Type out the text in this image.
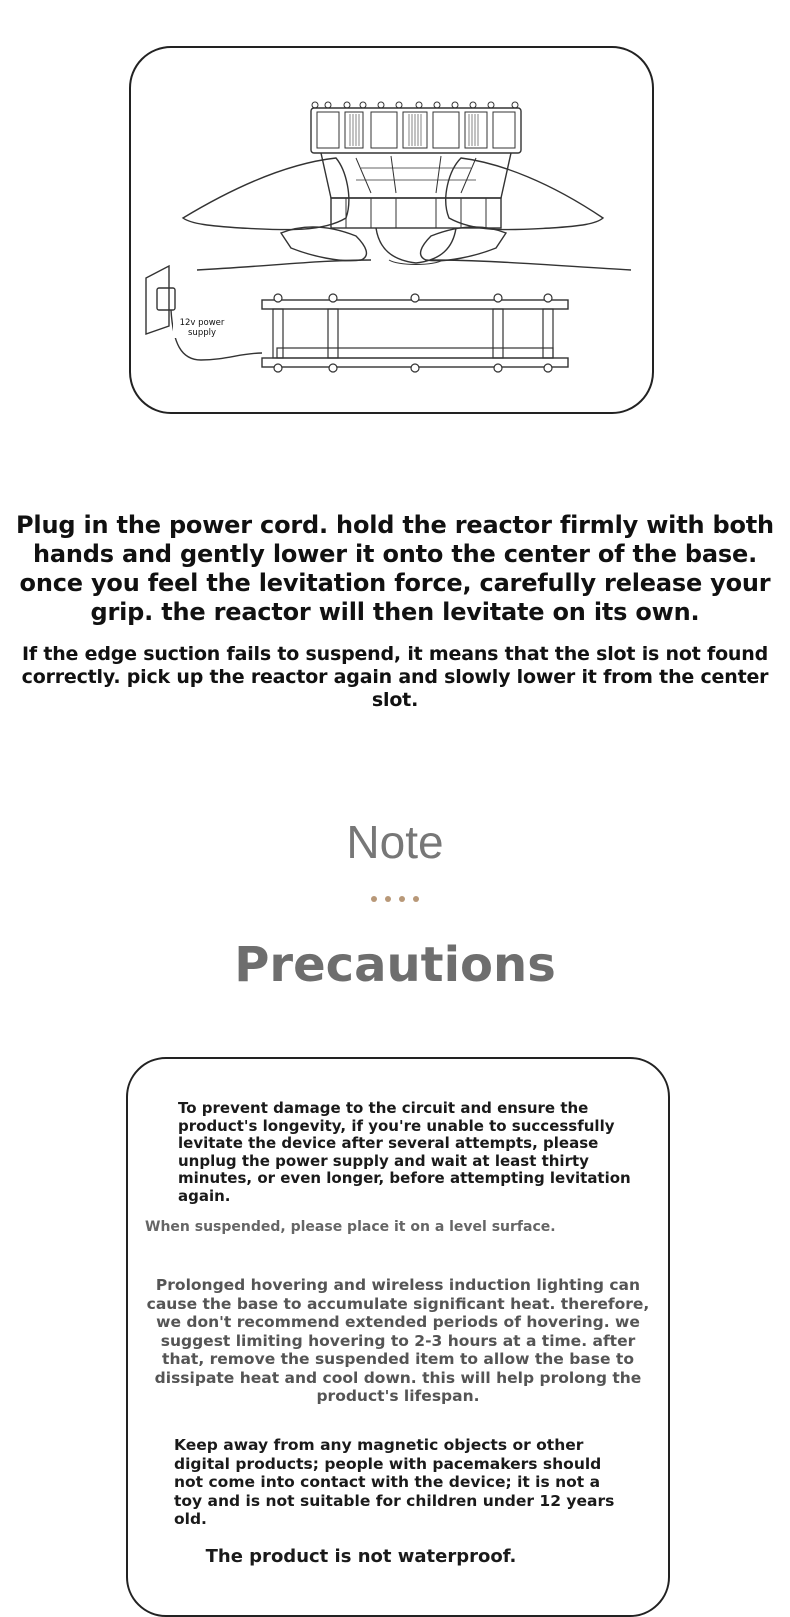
12v power
supply
Plug in the power cord. hold the reactor firmly with both hands and gently lower it onto the center of the base. once you feel the levitation force, carefully release your grip. the reactor will then levitate on its own.
If the edge suction fails to suspend, it means that the slot is not found correctly. pick up the reactor again and slowly lower it from the center slot.
Note
Precautions
To prevent damage to the circuit and ensure the product's longevity, if you're unable to successfully levitate the device after several attempts, please unplug the power supply and wait at least thirty minutes, or even longer, before attempting levitation again.
When suspended, please place it on a level surface.
Prolonged hovering and wireless induction lighting can cause the base to accumulate significant heat. therefore, we don't recommend extended periods of hovering. we suggest limiting hovering to 2-3 hours at a time. after that, remove the suspended item to allow the base to dissipate heat and cool down. this will help prolong the product's lifespan.
Keep away from any magnetic objects or other digital products; people with pacemakers should not come into contact with the device; it is not a toy and is not suitable for children under 12 years old.
The product is not waterproof.
